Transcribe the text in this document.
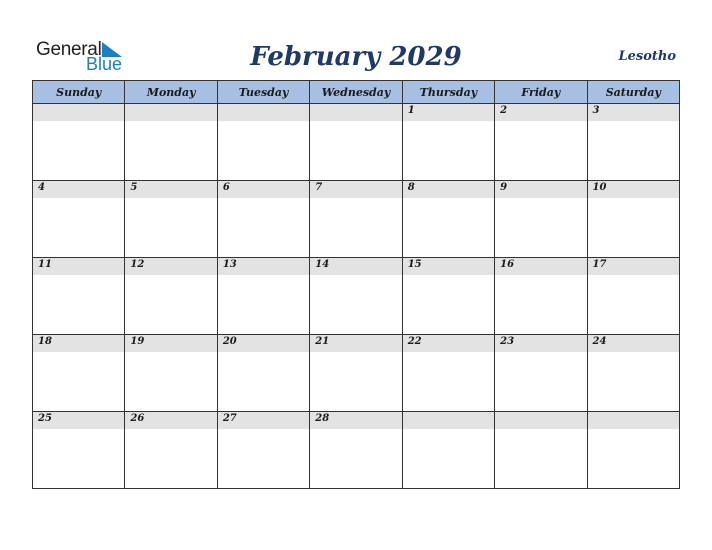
General
Blue	February 2029	Lesotho
Sunday	Monday	Tuesday	Wednesday	Thursday	Friday	Saturday

				1	2	3

4	5	6	7	8	9	10

11	12	13	14	15	16	17

18	19	20	21	22	23	24

25	26	27	28			
